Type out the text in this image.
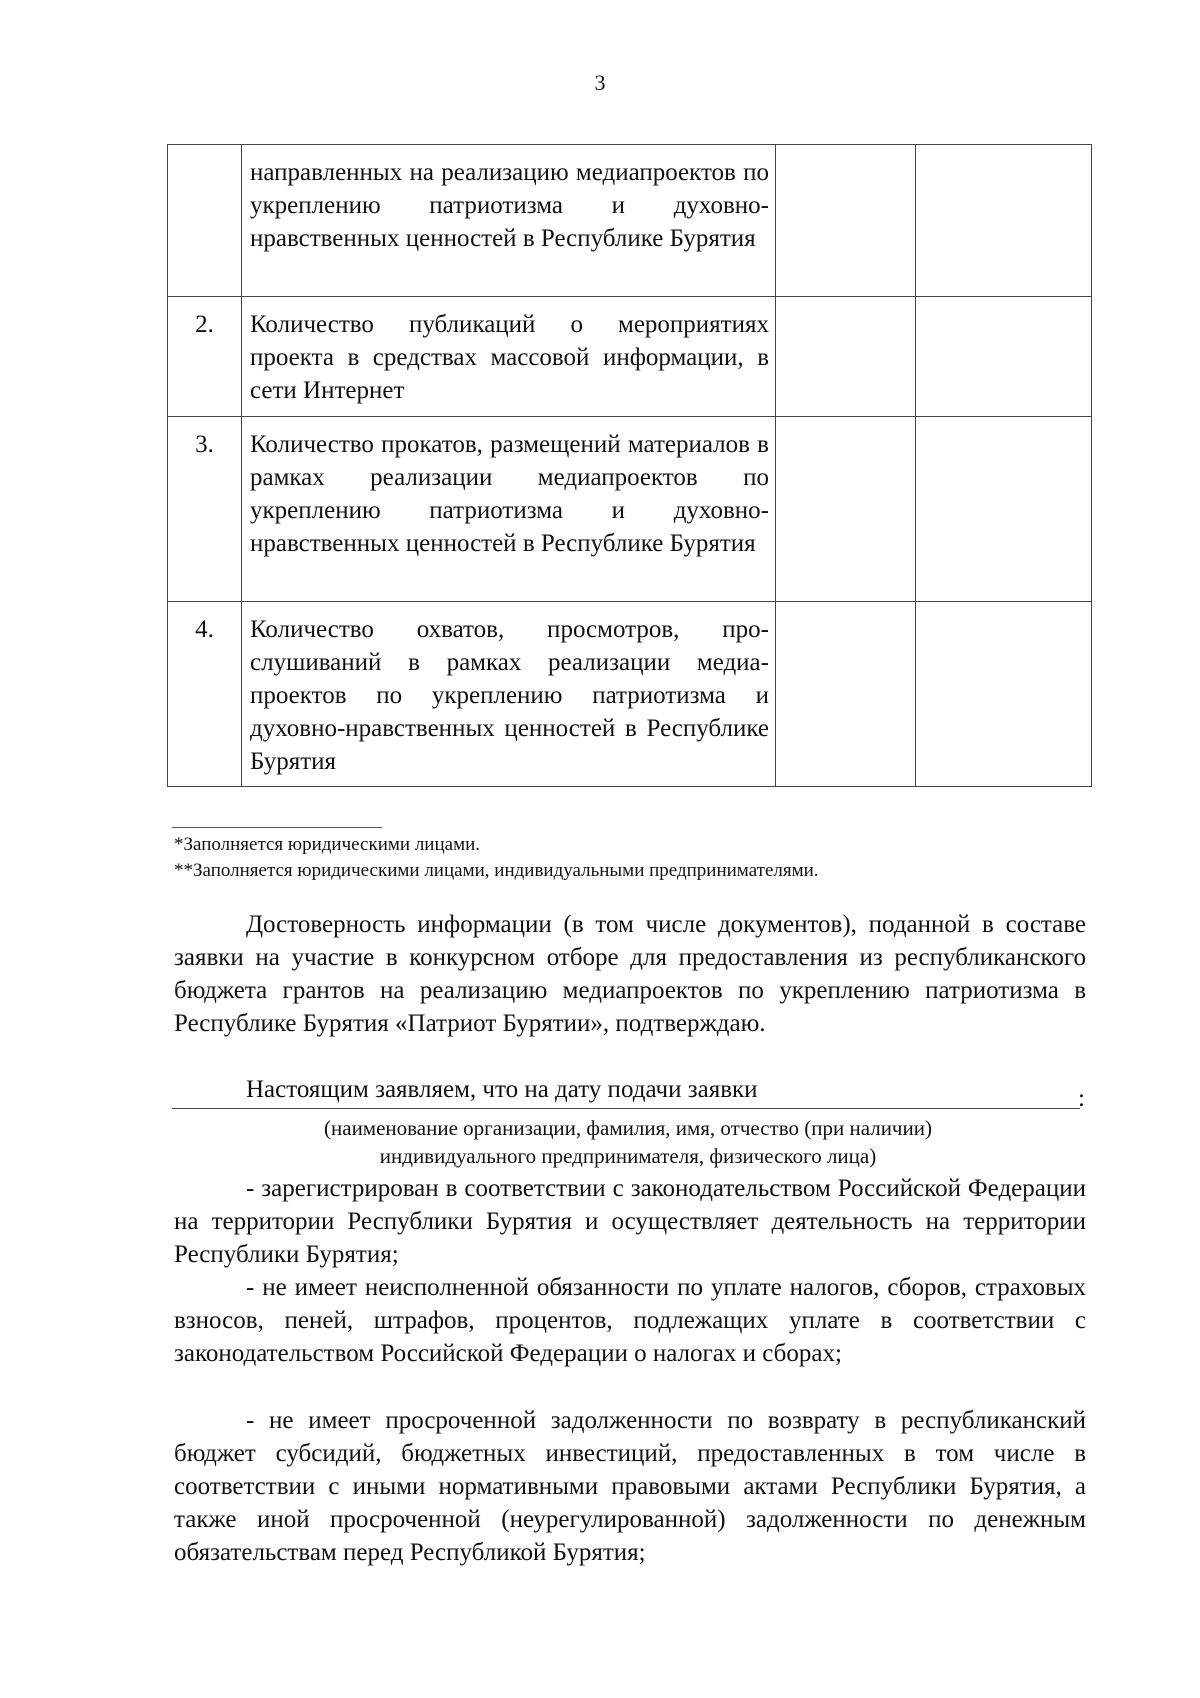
3
	направленных на реализацию медиапроектов по укреплению патриотизма и духовно-нравственных ценностей в Республике Бурятия		
2.	Количество публикаций о мероприятиях проекта в средствах массовой информации, в сети Интернет		
3.	Количество прокатов, размещений материалов в рамках реализации медиапроектов по укреплению патриотизма и духовно-нравственных ценностей в Республике Бурятия		
4.	Количество охватов, просмотров, прослушиваний в рамках реализации медиапроектов по укреплению патриотизма и духовно-нравственных ценностей в Республике Бурятия		
*Заполняется юридическими лицами.
**Заполняется юридическими лицами, индивидуальными предпринимателями.

Достоверность информации (в том числе документов), поданной в составе заявки на участие в конкурсном отборе для предоставления из республиканского бюджета грантов на реализацию медиапроектов по укреплению патриотизма в Республике Бурятия «Патриот Бурятии», подтверждаю.

Настоящим заявляем, что на дату подачи заявки	:
(наименование организации, фамилия, имя, отчество (при наличии)
индивидуального предпринимателя, физического лица)

- зарегистрирован в соответствии с законодательством Российской Федерации на территории Республики Бурятия и осуществляет деятельность на территории Республики Бурятия;

- не имеет неисполненной обязанности по уплате налогов, сборов, страховых взносов, пеней, штрафов, процентов, подлежащих уплате в соответствии с законодательством Российской Федерации о налогах и сборах;

- не имеет просроченной задолженности по возврату в республиканский бюджет субсидий, бюджетных инвестиций, предоставленных в том числе в соответствии с иными нормативными правовыми актами Республики Бурятия, а также иной просроченной (неурегулированной) задолженности по денежным обязательствам перед Республикой Бурятия;
